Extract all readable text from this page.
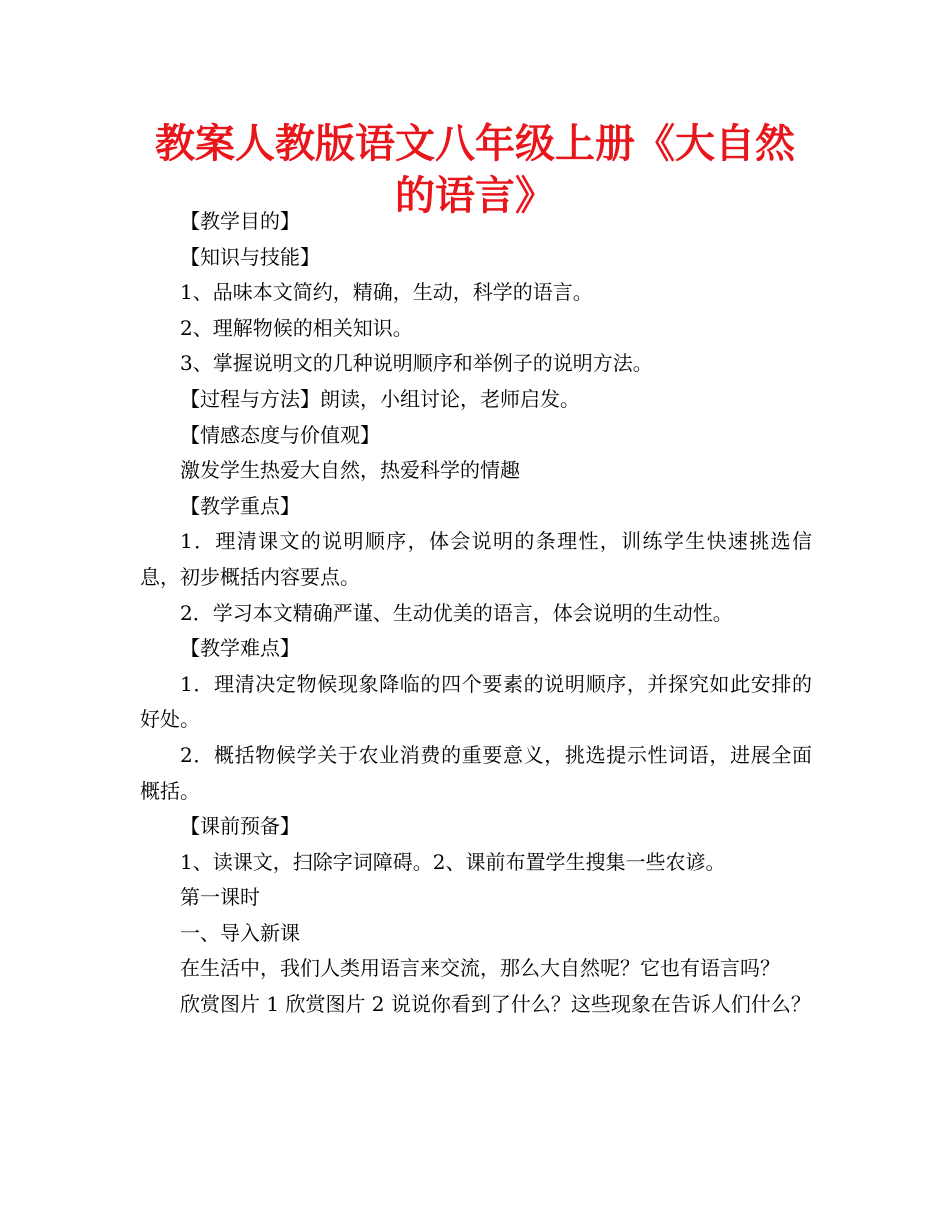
教案人教版语文八年级上册《大自然的语言》

【教学目的】

【知识与技能】

1、品味本文简约，精确，生动，科学的语言。

2、理解物候的相关知识。

3、掌握说明文的几种说明顺序和举例子的说明方法。

【过程与方法】朗读，小组讨论，老师启发。

【情感态度与价值观】

激发学生热爱大自然，热爱科学的情趣

【教学重点】

1．理清课文的说明顺序，体会说明的条理性，训练学生快速挑选信息，初步概括内容要点。

2．学习本文精确严谨、生动优美的语言，体会说明的生动性。

【教学难点】

1．理清决定物候现象降临的四个要素的说明顺序，并探究如此安排的好处。

2．概括物候学关于农业消费的重要意义，挑选提示性词语，进展全面概括。

【课前预备】

1、读课文，扫除字词障碍。2、课前布置学生搜集一些农谚。

第一课时

一、导入新课

在生活中，我们人类用语言来交流，那么大自然呢？它也有语言吗？

欣赏图片 1 欣赏图片 2 说说你看到了什么？这些现象在告诉人们什么？
